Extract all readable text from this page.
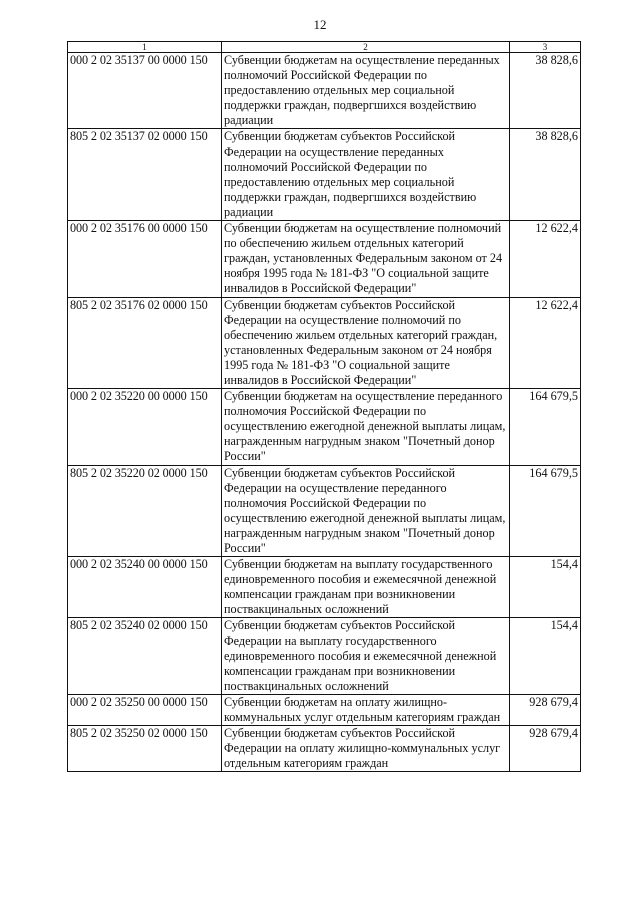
12
1	2	3
000 2 02 35137 00 0000 150	Субвенции бюджетам на осуществление переданных полномочий Российской Федерации по предоставлению отдельных мер социальной поддержки граждан, подвергшихся воздействию радиации	38 828,6
805 2 02 35137 02 0000 150	Субвенции бюджетам субъектов Российской Федерации на осуществление переданных полномочий Российской Федерации по предоставлению отдельных мер социальной поддержки граждан, подвергшихся воздействию радиации	38 828,6
000 2 02 35176 00 0000 150	Субвенции бюджетам на осуществление полномочий по обеспечению жильем отдельных категорий граждан, установленных Федеральным законом от 24 ноября 1995 года № 181-ФЗ "О социальной защите инвалидов в Российской Федерации"	12 622,4
805 2 02 35176 02 0000 150	Субвенции бюджетам субъектов Российской Федерации на осуществление полномочий по обеспечению жильем отдельных категорий граждан, установленных Федеральным законом от 24 ноября 1995 года № 181-ФЗ "О социальной защите инвалидов в Российской Федерации"	12 622,4
000 2 02 35220 00 0000 150	Субвенции бюджетам на осуществление переданного полномочия Российской Федерации по осуществлению ежегодной денежной выплаты лицам, награжденным нагрудным знаком "Почетный донор России"	164 679,5
805 2 02 35220 02 0000 150	Субвенции бюджетам субъектов Российской Федерации на осуществление переданного полномочия Российской Федерации по осуществлению ежегодной денежной выплаты лицам, награжденным нагрудным знаком "Почетный донор России"	164 679,5
000 2 02 35240 00 0000 150	Субвенции бюджетам на выплату государственного единовременного пособия и ежемесячной денежной компенсации гражданам при возникновении поствакцинальных осложнений	154,4
805 2 02 35240 02 0000 150	Субвенции бюджетам субъектов Российской Федерации на выплату государственного единовременного пособия и ежемесячной денежной компенсации гражданам при возникновении поствакцинальных осложнений	154,4
000 2 02 35250 00 0000 150	Субвенции бюджетам на оплату жилищно-коммунальных услуг отдельным категориям граждан	928 679,4
805 2 02 35250 02 0000 150	Субвенции бюджетам субъектов Российской Федерации на оплату жилищно-коммунальных услуг отдельным категориям граждан	928 679,4
